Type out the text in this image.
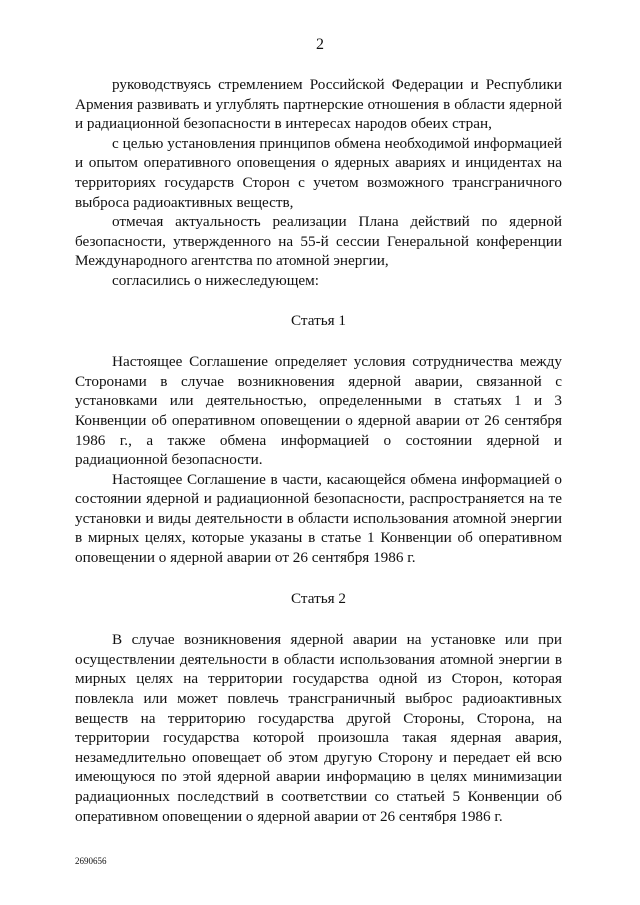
2

руководствуясь стремлением Российской Федерации и Республики Армения развивать и углублять партнерские отношения в области ядерной и радиационной безопасности в интересах народов обеих стран,

с целью установления принципов обмена необходимой информацией и опытом оперативного оповещения о ядерных авариях и инцидентах на территориях государств Сторон с учетом возможного трансграничного выброса радиоактивных веществ,

отмечая актуальность реализации Плана действий по ядерной безопасности, утвержденного на 55-й сессии Генеральной конференции Международного агентства по атомной энергии,

согласились о нижеследующем:

Статья 1

Настоящее Соглашение определяет условия сотрудничества между Сторонами в случае возникновения ядерной аварии, связанной с установками или деятельностью, определенными в статьях 1 и 3 Конвенции об оперативном оповещении о ядерной аварии от 26 сентября 1986 г., а также обмена информацией о состоянии ядерной и радиационной безопасности.

Настоящее Соглашение в части, касающейся обмена информацией о состоянии ядерной и радиационной безопасности, распространяется на те установки и виды деятельности в области использования атомной энергии в мирных целях, которые указаны в статье 1 Конвенции об оперативном оповещении о ядерной аварии от 26 сентября 1986 г.

Статья 2

В случае возникновения ядерной аварии на установке или при осуществлении деятельности в области использования атомной энергии в мирных целях на территории государства одной из Сторон, которая повлекла или может повлечь трансграничный выброс радиоактивных веществ на территорию государства другой Стороны, Сторона, на территории государства которой произошла такая ядерная авария, незамедлительно оповещает об этом другую Сторону и передает ей всю имеющуюся по этой ядерной аварии информацию в целях минимизации радиационных последствий в соответствии со статьей 5 Конвенции об оперативном оповещении о ядерной аварии от 26 сентября 1986 г.

2690656
